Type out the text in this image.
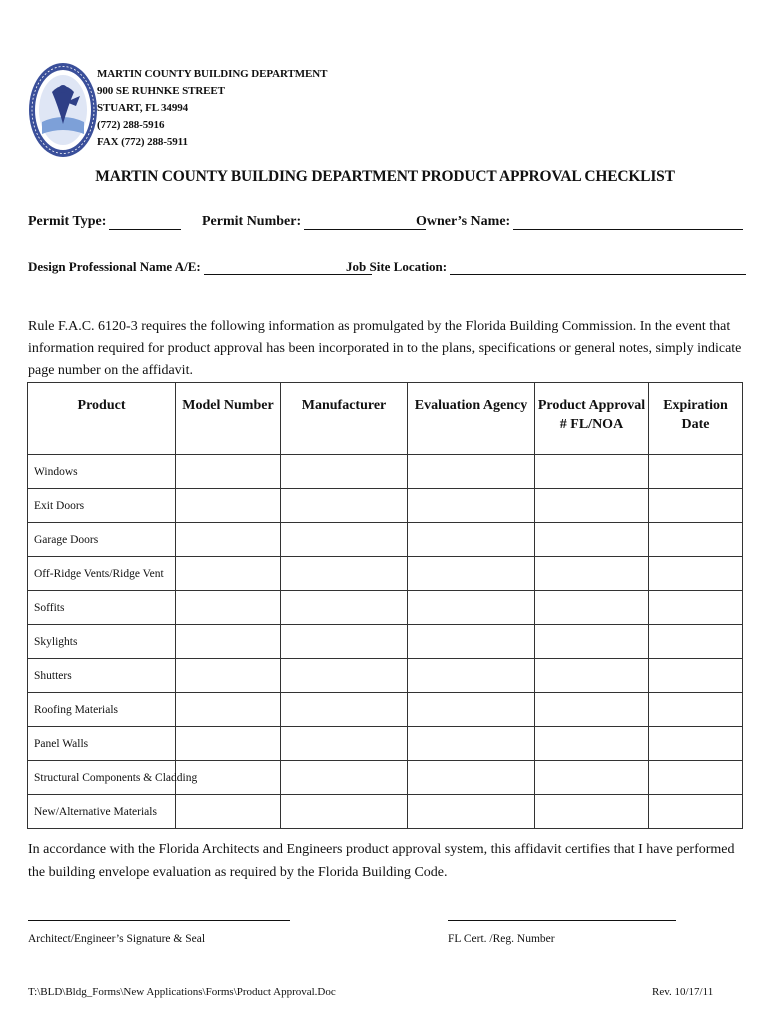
MARTIN COUNTY BUILDING DEPARTMENT
900 SE RUHNKE STREET
STUART, FL 34994
(772) 288-5916
FAX (772) 288-5911
MARTIN COUNTY BUILDING DEPARTMENT PRODUCT APPROVAL CHECKLIST
Permit Type:	Permit Number:	Owner’s Name:
Design Professional Name A/E:	Job Site Location:
Rule F.A.C. 6120-3 requires the following information as promulgated by the Florida Building Commission. In the event that information required for product approval has been incorporated in to the plans, specifications or general notes, simply indicate page number on the affidavit.
Product	Model Number	Manufacturer	Evaluation Agency	Product Approval # FL/NOA	Expiration Date
Windows					
Exit Doors					
Garage Doors					
Off-Ridge Vents/Ridge Vent					
Soffits					
Skylights					
Shutters					
Roofing Materials					
Panel Walls					
Structural Components & Cladding					
New/Alternative Materials					
In accordance with the Florida Architects and Engineers product approval system, this affidavit certifies that I have performed the building envelope evaluation as required by the Florida Building Code.
Architect/Engineer’s Signature & Seal	FL Cert. /Reg. Number
T:\BLD\Bldg_Forms\New Applications\Forms\Product Approval.Doc	Rev. 10/17/11
